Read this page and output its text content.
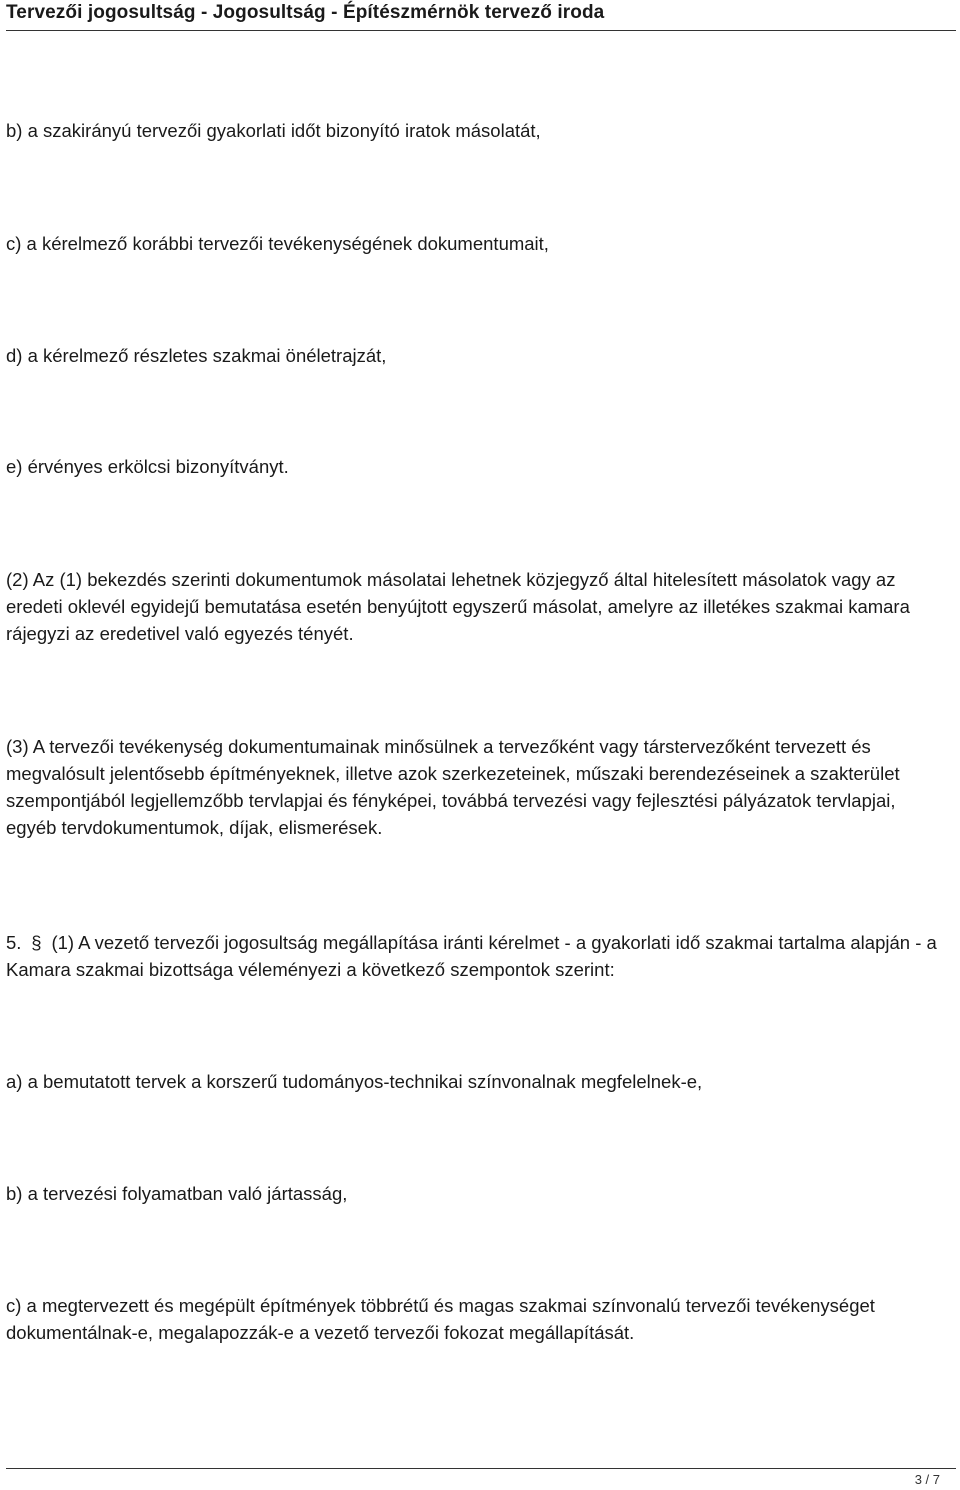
Tervezői jogosultság - Jogosultság - Építészmérnök tervező iroda

b) a szakirányú tervezői gyakorlati időt bizonyító iratok másolatát,

c) a kérelmező korábbi tervezői tevékenységének dokumentumait,

d) a kérelmező részletes szakmai önéletrajzát,

e) érvényes erkölcsi bizonyítványt.

(2) Az (1) bekezdés szerinti dokumentumok másolatai lehetnek közjegyző által hitelesített másolatok vagy az eredeti oklevél egyidejű bemutatása esetén benyújtott egyszerű másolat, amelyre az illetékes szakmai kamara rájegyzi az eredetivel való egyezés tényét.

(3) A tervezői tevékenység dokumentumainak minősülnek a tervezőként vagy társtervezőként tervezett és megvalósult jelentősebb építményeknek, illetve azok szerkezeteinek, műszaki berendezéseinek a szakterület szempontjából legjellemzőbb tervlapjai és fényképei, továbbá tervezési vagy fejlesztési pályázatok tervlapjai, egyéb tervdokumentumok, díjak, elismerések.

5. § (1) A vezető tervezői jogosultság megállapítása iránti kérelmet - a gyakorlati idő szakmai tartalma alapján - a Kamara szakmai bizottsága véleményezi a következő szempontok szerint:

a) a bemutatott tervek a korszerű tudományos-technikai színvonalnak megfelelnek-e,

b) a tervezési folyamatban való jártasság,

c) a megtervezett és megépült építmények többrétű és magas szakmai színvonalú tervezői tevékenységet dokumentálnak-e, megalapozzák-e a vezető tervezői fokozat megállapítását.

3 / 7
